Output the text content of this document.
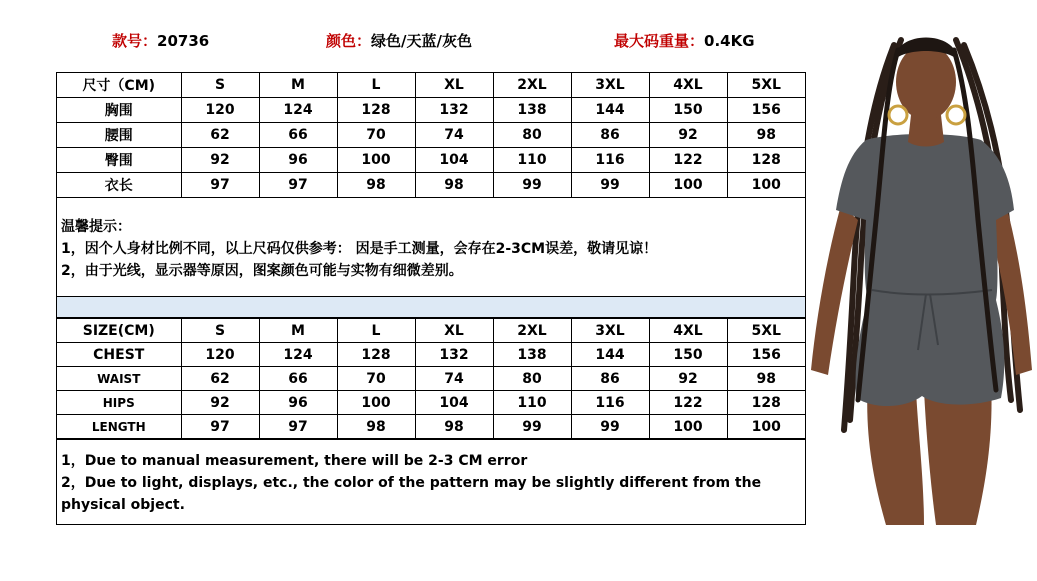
款号：20736	颜色：绿色/天蓝/灰色	最大码重量：0.4KG
尺寸（CM)	S	M	L	XL	2XL	3XL	4XL	5XL
胸围	120	124	128	132	138	144	150	156
腰围	62	66	70	74	80	86	92	98
臀围	92	96	100	104	110	116	122	128
衣长	97	97	98	98	99	99	100	100
温馨提示：
1，因个人身材比例不同，以上尺码仅供参考： 因是手工测量，会存在2-3CM误差，敬请见谅！
2，由于光线，显示器等原因，图案颜色可能与实物有细微差别。
SIZE(CM)	S	M	L	XL	2XL	3XL	4XL	5XL
CHEST	120	124	128	132	138	144	150	156
WAIST	62	66	70	74	80	86	92	98
HIPS	92	96	100	104	110	116	122	128
LENGTH	97	97	98	98	99	99	100	100
1，Due to manual measurement, there will be 2-3 CM error
2，Due to light, displays, etc., the color of the pattern may be slightly different from the physical object.
